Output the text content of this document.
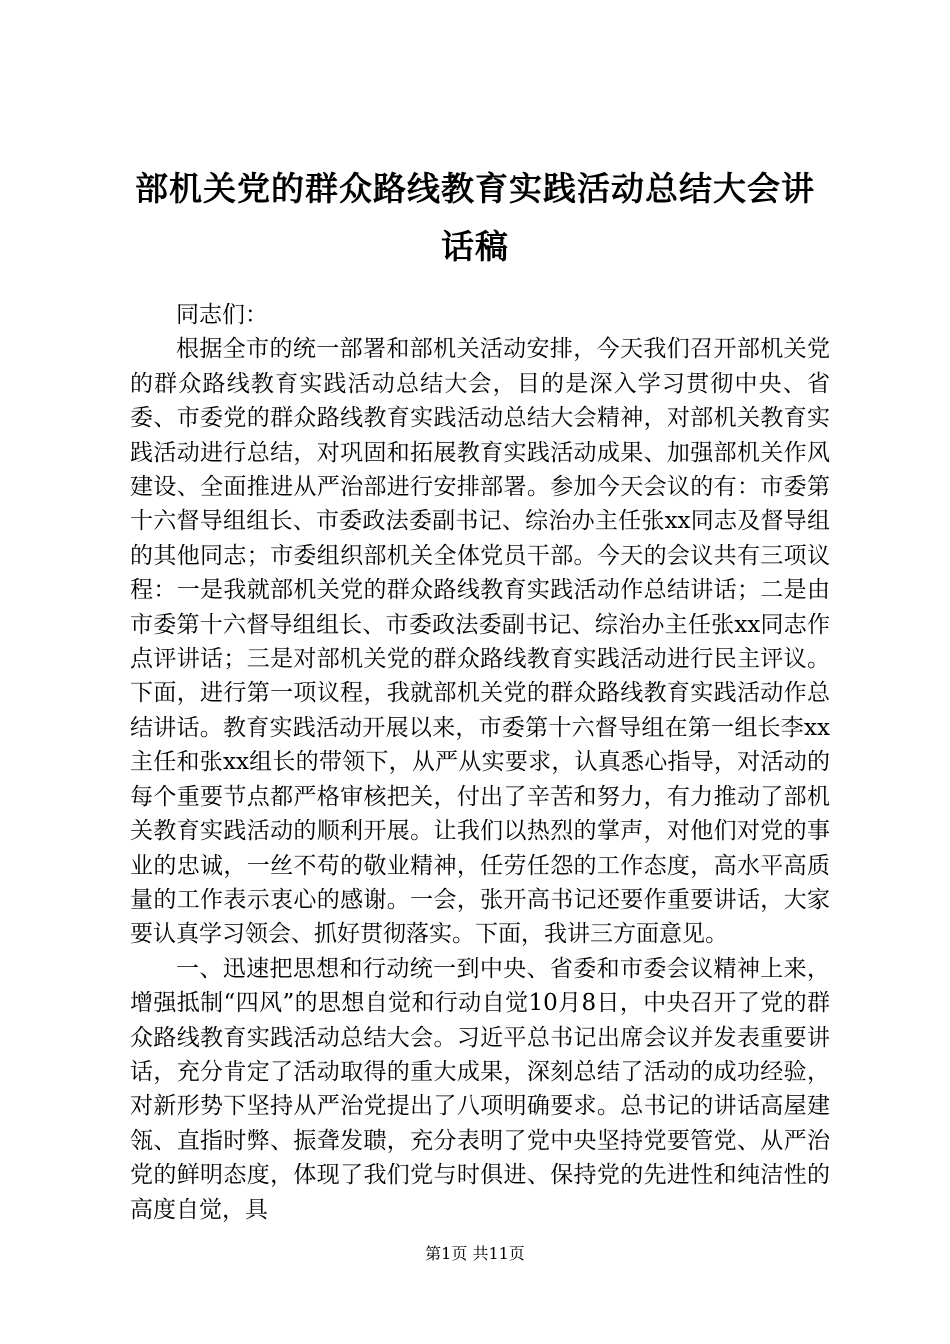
部机关党的群众路线教育实践活动总结大会讲
话稿

同志们：

根据全市的统一部署和部机关活动安排，今天我们召开部机关党的群众路线教育实践活动总结大会，目的是深入学习贯彻中央、省委、市委党的群众路线教育实践活动总结大会精神，对部机关教育实践活动进行总结，对巩固和拓展教育实践活动成果、加强部机关作风建设、全面推进从严治部进行安排部署。参加今天会议的有：市委第十六督导组组长、市委政法委副书记、综治办主任张xx同志及督导组的其他同志；市委组织部机关全体党员干部。今天的会议共有三项议程：一是我就部机关党的群众路线教育实践活动作总结讲话；二是由市委第十六督导组组长、市委政法委副书记、综治办主任张xx同志作点评讲话；三是对部机关党的群众路线教育实践活动进行民主评议。下面，进行第一项议程，我就部机关党的群众路线教育实践活动作总结讲话。教育实践活动开展以来，市委第十六督导组在第一组长李xx主任和张xx组长的带领下，从严从实要求，认真悉心指导，对活动的每个重要节点都严格审核把关，付出了辛苦和努力，有力推动了部机关教育实践活动的顺利开展。让我们以热烈的掌声，对他们对党的事业的忠诚，一丝不苟的敬业精神，任劳任怨的工作态度，高水平高质量的工作表示衷心的感谢。一会，张开高书记还要作重要讲话，大家要认真学习领会、抓好贯彻落实。下面，我讲三方面意见。

一、迅速把思想和行动统一到中央、省委和市委会议精神上来，增强抵制“四风”的思想自觉和行动自觉10月8日，中央召开了党的群众路线教育实践活动总结大会。习近平总书记出席会议并发表重要讲话，充分肯定了活动取得的重大成果，深刻总结了活动的成功经验，对新形势下坚持从严治党提出了八项明确要求。总书记的讲话高屋建瓴、直指时弊、振聋发聩，充分表明了党中央坚持党要管党、从严治党的鲜明态度，体现了我们党与时俱进、保持党的先进性和纯洁性的高度自觉，具

第1页 共11页
